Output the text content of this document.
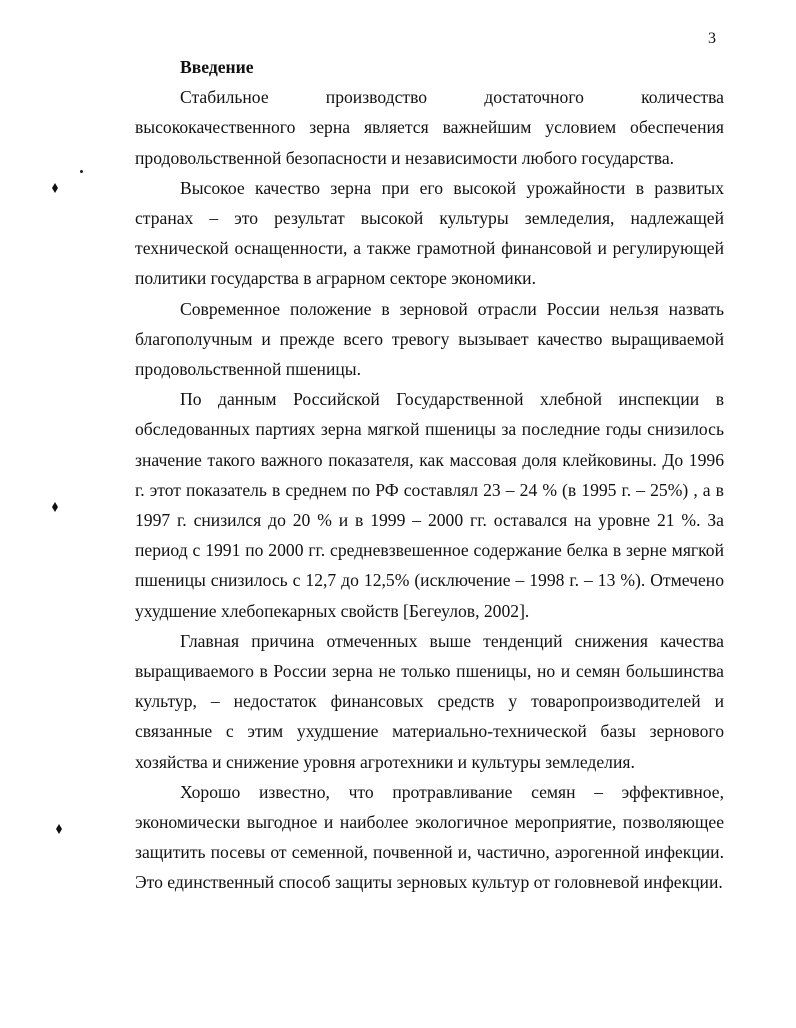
3

Введение

Стабильное производство достаточного количества высококачественного зерна является важнейшим условием обеспечения продовольственной безопасности и независимости любого государства.

Высокое качество зерна при его высокой урожайности в развитых странах – это результат высокой культуры земледелия, надлежащей технической оснащенности, а также грамотной финансовой и регулирующей политики государства в аграрном секторе экономики.

Современное положение в зерновой отрасли России нельзя назвать благополучным и прежде всего тревогу вызывает качество выращиваемой продовольственной пшеницы.

По данным Российской Государственной хлебной инспекции в обследованных партиях зерна мягкой пшеницы за последние годы снизилось значение такого важного показателя, как массовая доля клейковины. До 1996 г. этот показатель в среднем по РФ составлял 23 – 24 % (в 1995 г. – 25%) , а в 1997 г. снизился до 20 % и в 1999 – 2000 гг. оставался на уровне 21 %. За период с 1991 по 2000 гг. средневзвешенное содержание белка в зерне мягкой пшеницы снизилось с 12,7 до 12,5% (исключение – 1998 г. – 13 %). Отмечено ухудшение хлебопекарных свойств [Бегеулов, 2002].

Главная причина отмеченных выше тенденций снижения качества выращиваемого в России зерна не только пшеницы, но и семян большинства культур, – недостаток финансовых средств у товаропроизводителей и связанные с этим ухудшение материально-технической базы зернового хозяйства и снижение уровня агротехники и культуры земледелия.

Хорошо известно, что протравливание семян – эффективное, экономически выгодное и наиболее экологичное мероприятие, позволяющее защитить посевы от семенной, почвенной и, частично, аэрогенной инфекции. Это единственный способ защиты зерновых культур от головневой инфекции.
